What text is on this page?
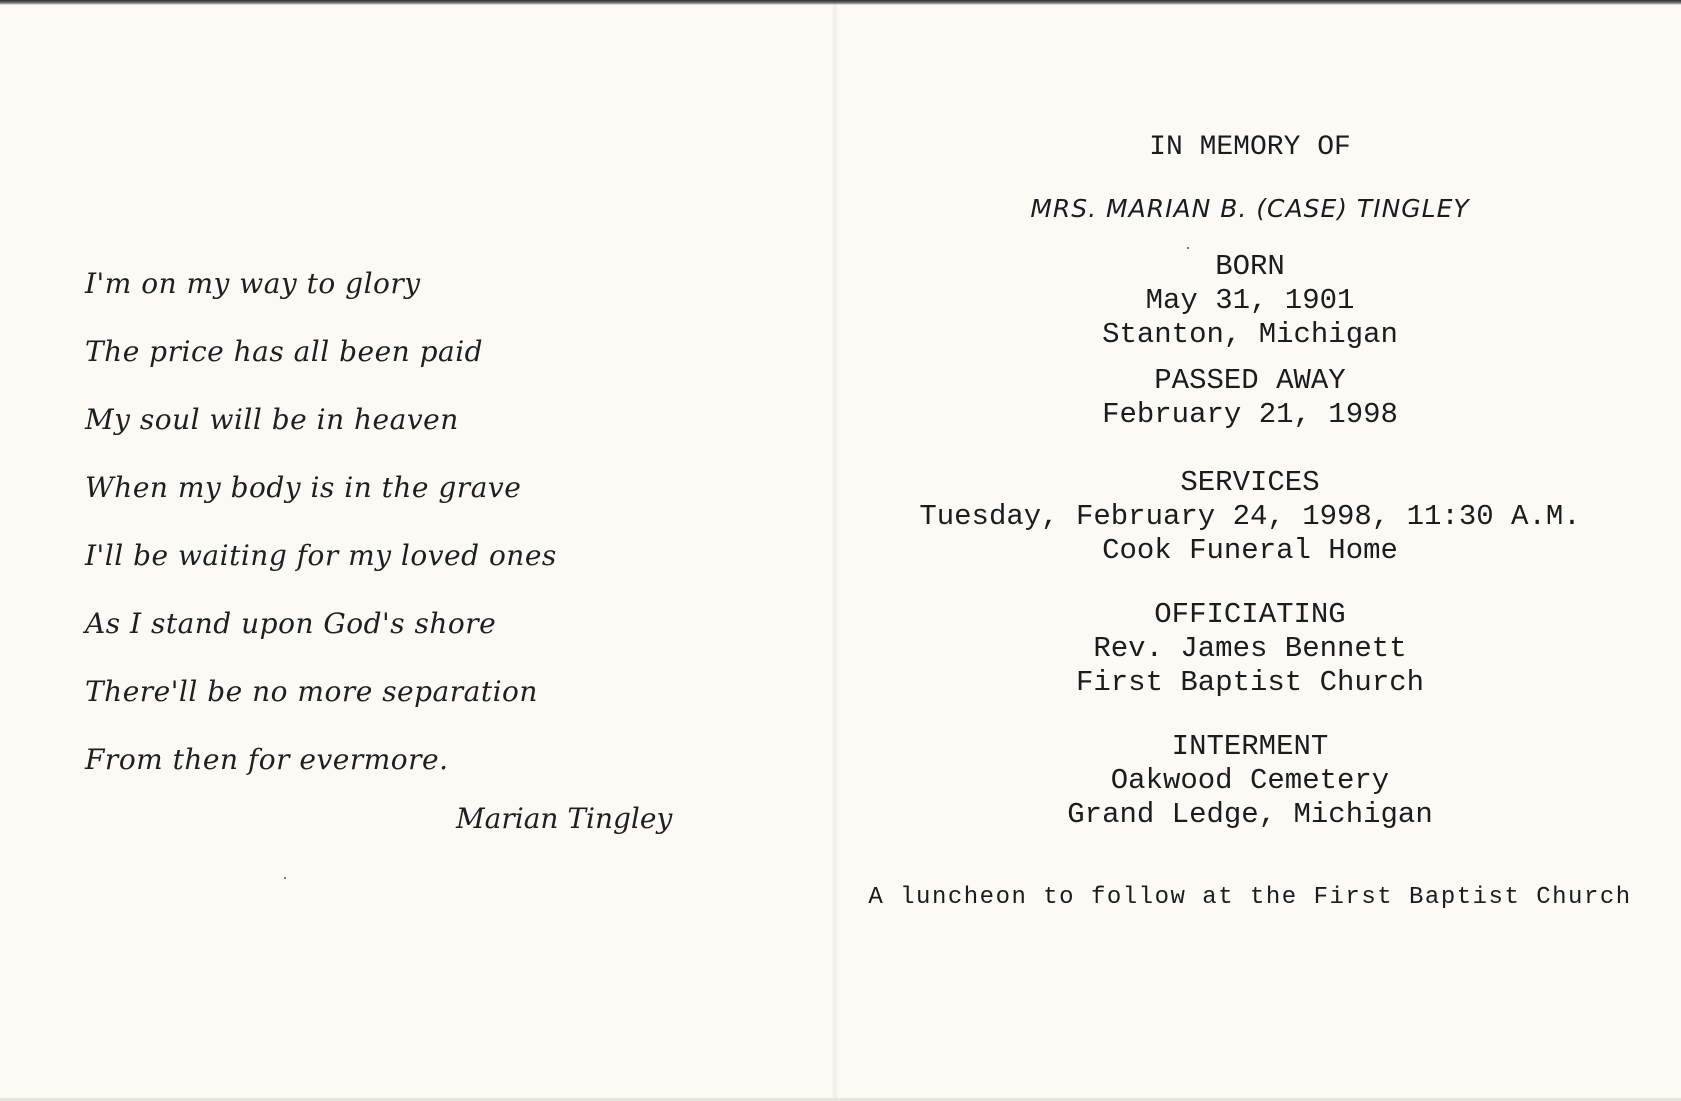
I'm on my way to glory
The price has all been paid
My soul will be in heaven
When my body is in the grave
I'll be waiting for my loved ones
As I stand upon God's shore
There'll be no more separation
From then for evermore.
Marian Tingley
IN MEMORY OF
MRS. MARIAN B. (CASE) TINGLEY
BORN
May 31, 1901
Stanton, Michigan
PASSED AWAY
February 21, 1998
SERVICES
Tuesday, February 24, 1998, 11:30 A.M.
Cook Funeral Home
OFFICIATING
Rev. James Bennett
First Baptist Church
INTERMENT
Oakwood Cemetery
Grand Ledge, Michigan
A luncheon to follow at the First Baptist Church
